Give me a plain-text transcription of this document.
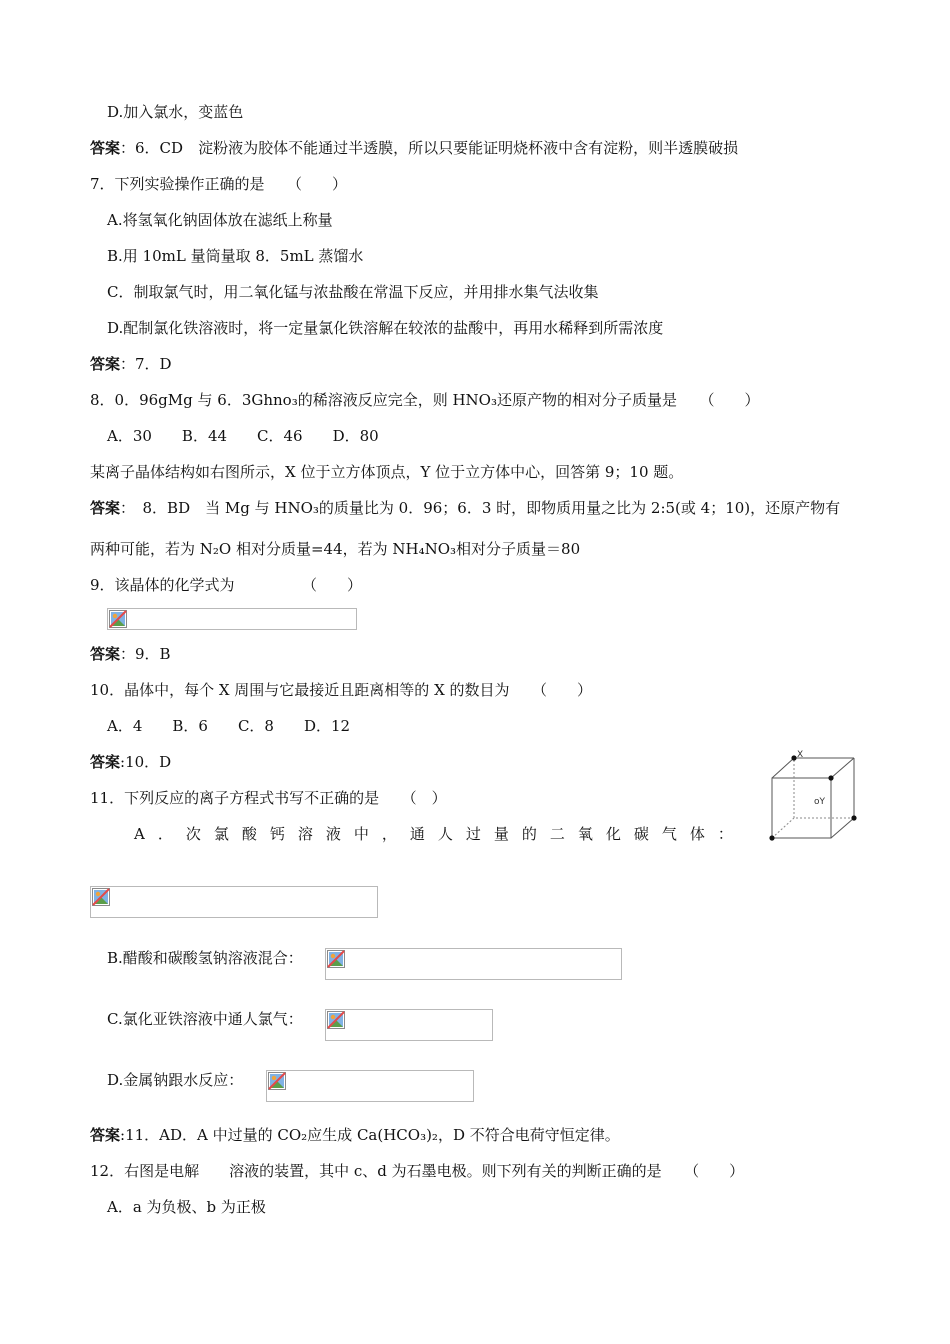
D.加入氯水，变蓝色
答案：6．CD　淀粉液为胶体不能通过半透膜，所以只要能证明烧杯液中含有淀粉，则半透膜破损
7．下列实验操作正确的是　　（　　）
A.将氢氧化钠固体放在滤纸上称量
B.用 10mL 量筒量取 8．5mL 蒸馏水
C．制取氯气时，用二氧化锰与浓盐酸在常温下反应，并用排水集气法收集
D.配制氯化铁溶液时，将一定量氯化铁溶解在较浓的盐酸中，再用水稀释到所需浓度
答案：7．D
8．0．96gMg 与 6．3Ghno₃的稀溶液反应完全，则 HNO₃还原产物的相对分子质量是　　（　　）
A．30　　B．44　　C．46　　D．80
某离子晶体结构如右图所示，X 位于立方体顶点，Y 位于立方体中心，回答第 9；10 题。
答案：　8．BD　当 Mg 与 HNO₃的质量比为 0．96；6．3 时，即物质用量之比为 2:5(或 4；10)，还原产物有
两种可能，若为 N₂O 相对分质量=44，若为 NH₄NO₃相对分子质量＝80
9．该晶体的化学式为　　　　　（　　）
答案：9．B
10．晶体中，每个 X 周围与它最接近且距离相等的 X 的数目为　　（　　）
A．4　　B．6　　C．8　　D．12
答案:10．D	X
oY
11．下列反应的离子方程式书写不正确的是　　（　）
A．次氯酸钙溶液中，通人过量的二氧化碳气体：
B.醋酸和碳酸氢钠溶液混合：
C.氯化亚铁溶液中通人氯气：
D.金属钠跟水反应：
答案:11．AD．A 中过量的 CO₂应生成 Ca(HCO₃)₂，D 不符合电荷守恒定律。
12．右图是电解　　溶液的装置，其中 c、d 为石墨电极。则下列有关的判断正确的是　　（　　）
A．a 为负极、b 为正极
